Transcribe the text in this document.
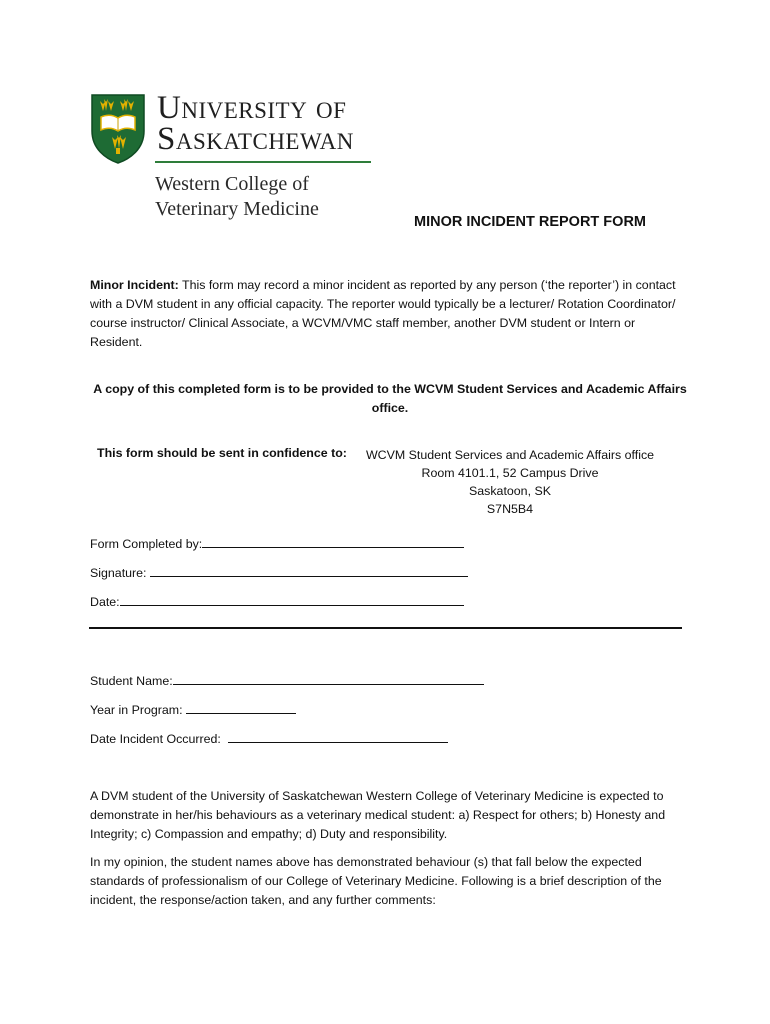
University of
Saskatchewan
Western College of
Veterinary Medicine
MINOR INCIDENT REPORT FORM
Minor Incident: This form may record a minor incident as reported by any person (‘the reporter’) in contact with a DVM student in any official capacity. The reporter would typically be a lecturer/ Rotation Coordinator/ course instructor/ Clinical Associate, a WCVM/VMC staff member, another DVM student or Intern or Resident.
A copy of this completed form is to be provided to the WCVM Student Services and Academic Affairs office.
This form should be sent in confidence to:	WCVM Student Services and Academic Affairs office
Room 4101.1, 52 Campus Drive
Saskatoon, SK
S7N5B4
Form Completed by:
Signature:
Date:
Student Name:
Year in Program:
Date Incident Occurred:
A DVM student of the University of Saskatchewan Western College of Veterinary Medicine is expected to demonstrate in her/his behaviours as a veterinary medical student: a) Respect for others; b) Honesty and Integrity; c) Compassion and empathy; d) Duty and responsibility.
In my opinion, the student names above has demonstrated behaviour (s) that fall below the expected standards of professionalism of our College of Veterinary Medicine. Following is a brief description of the incident, the response/action taken, and any further comments:
